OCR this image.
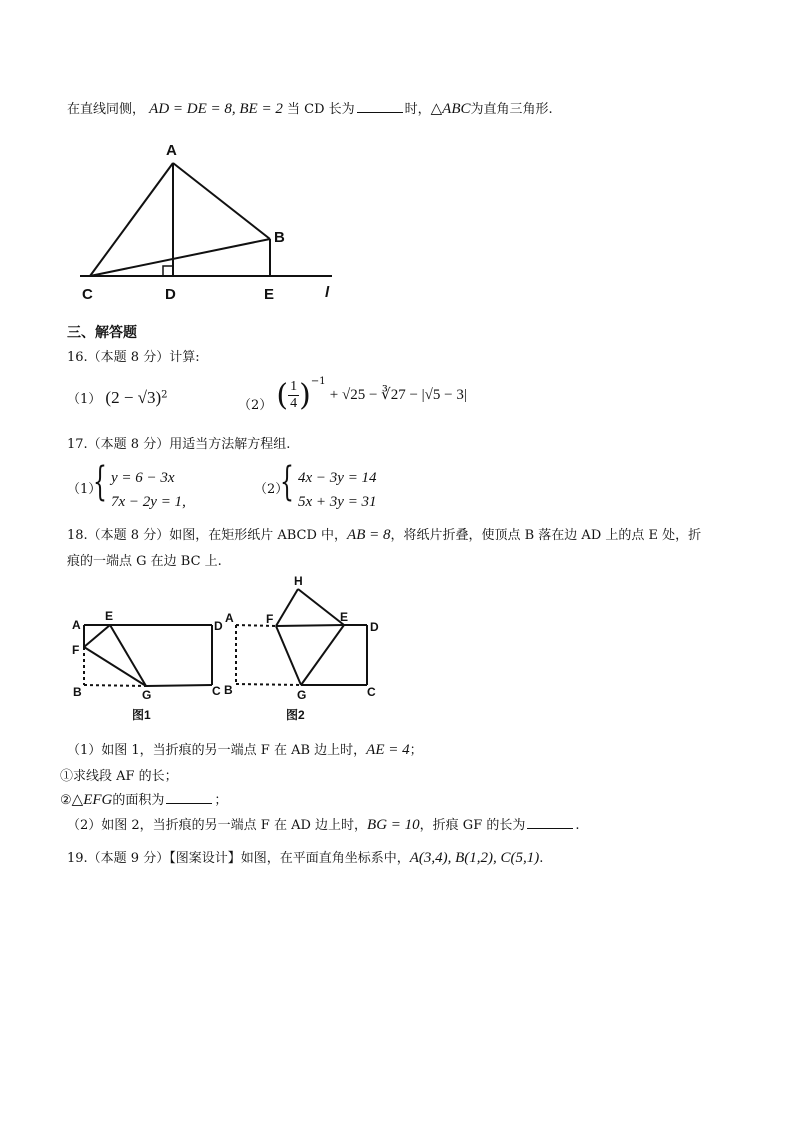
在直线同侧， AD = DE = 8, BE = 2 当 CD 长为	时，△ABC为直角三角形.
A
B
C	D	E	l
三、解答题
16.（本题 8 分）计算:
（1） $(2 - √3)^2$
（2） ( $\frac{1}{4} )^{-1} + √25$ − ∛27 − |√5 − 3|
17.（本题 8 分）用适当方法解方程组.
（1）
{ y = 6 − 3x
7x − 2y = 1,
（2）
{ 4x − 3y = 14
5x + 3y = 31
18.（本题 8 分）如图，在矩形纸片 ABCD 中，AB = 8，将纸片折叠，使顶点 B 落在边 AD 上的点 E 处，折
痕的一端点 G 在边 BC 上.
A
E
D
F
B	G	C
图1
H
A	F	E
D
B	G	C
图2
（1）如图 1，当折痕的另一端点 F 在 AB 边上时，AE = 4；
①求线段 AF 的长；
②△EFG的面积为	；
（2）如图 2，当折痕的另一端点 F 在 AD 边上时，BG = 10，折痕 GF 的长为	.
19.（本题 9 分）【图案设计】如图，在平面直角坐标系中，A(3,4), B(1,2), C(5,1).
